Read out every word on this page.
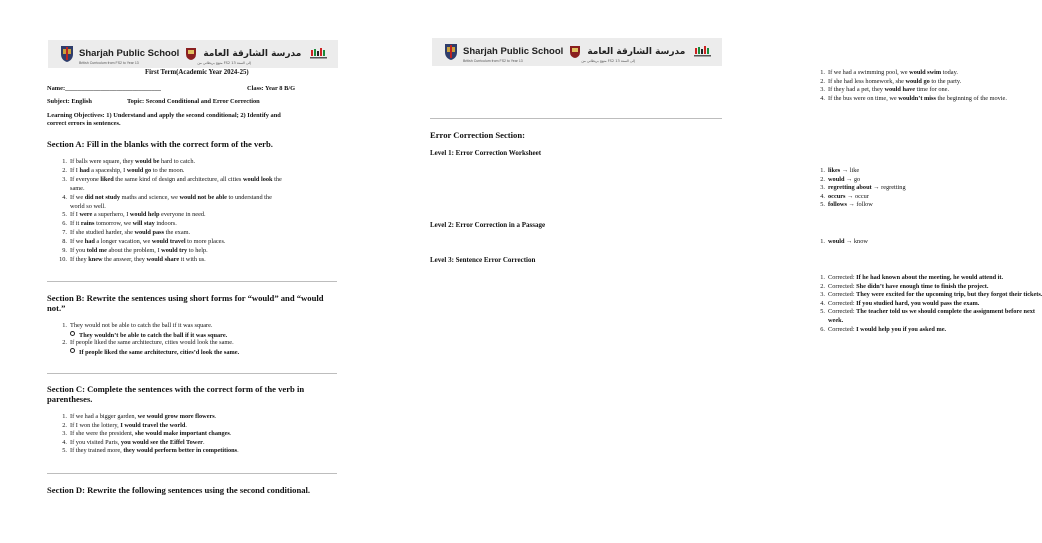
Sharjah Public School
British Curriculum from FS2 to Year 13
مدرسة الشارقة العامة
منهج بريطاني من FS2 إلى السنة 13
First Term(Academic Year 2024-25)
Name:______________________________	Class: Year 8 B/G
Subject: English	Topic: Second Conditional and Error Correction
Learning Objectives: 1) Understand and apply the second conditional; 2) Identify and
correct errors in sentences.
Section A: Fill in the blanks with the correct form of the verb.
1. If balls were square, they would be hard to catch.
2. If I had a spaceship, I would go to the moon.
3. If everyone liked the same kind of design and architecture, all cities would look the
same.
4. If we did not study maths and science, we would not be able to understand the
world so well.
5. If I were a superhero, I would help everyone in need.
6. If it rains tomorrow, we will stay indoors.
7. If she studied harder, she would pass the exam.
8. If we had a longer vacation, we would travel to more places.
9. If you told me about the problem, I would try to help.
10. If they knew the answer, they would share it with us.
Section B: Rewrite the sentences using short forms for “would” and “would
not.”
1. They would not be able to catch the ball if it was square.
They wouldn’t be able to catch the ball if it was square.
2. If people liked the same architecture, cities would look the same.
If people liked the same architecture, cities’d look the same.
Section C: Complete the sentences with the correct form of the verb in
parentheses.
1. If we had a bigger garden, we would grow more flowers.
2. If I won the lottery, I would travel the world.
3. If she were the president, she would make important changes.
4. If you visited Paris, you would see the Eiffel Tower.
5. If they trained more, they would perform better in competitions.
Section D: Rewrite the following sentences using the second conditional.
Sharjah Public School
British Curriculum from FS2 to Year 13
مدرسة الشارقة العامة
منهج بريطاني من FS2 إلى السنة 13
1. If we had a swimming pool, we would swim today.
2. If she had less homework, she would go to the party.
3. If they had a pet, they would have time for one.
4. If the bus were on time, we wouldn’t miss the beginning of the movie.
Error Correction Section:
Level 1: Error Correction Worksheet
1. likes → like
2. would → go
3. regretting about → regretting
4. occurs → occur
5. follows → follow
Level 2: Error Correction in a Passage
1. would → know
Level 3: Sentence Error Correction
1. Corrected: If he had known about the meeting, he would attend it.
2. Corrected: She didn’t have enough time to finish the project.
3. Corrected: They were excited for the upcoming trip, but they forgot their tickets.
4. Corrected: If you studied hard, you would pass the exam.
5. Corrected: The teacher told us we should complete the assignment before next
week.
6. Corrected: I would help you if you asked me.
